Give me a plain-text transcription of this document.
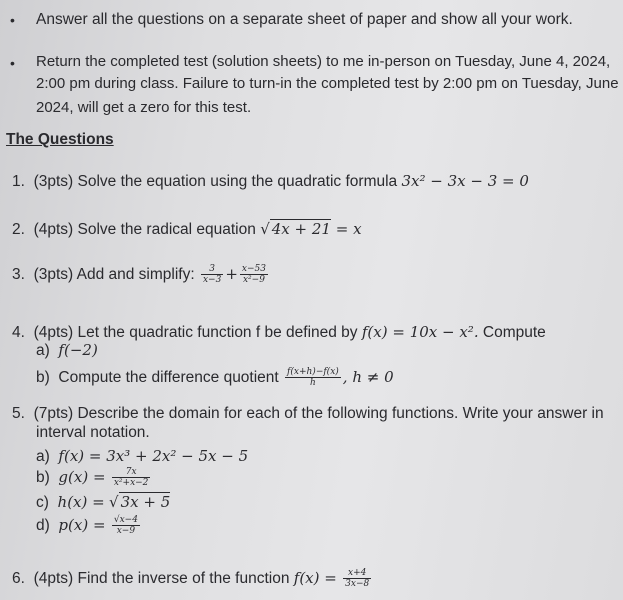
• Answer all the questions on a separate sheet of paper and show all your work.
• Return the completed test (solution sheets) to me in-person on Tuesday, June 4, 2024,
2:00 pm during class. Failure to turn-in the completed test by 2:00 pm on Tuesday, June
2024, will get a zero for this test.
The Questions
1. (3pts) Solve the equation using the quadratic formula 3x² − 3x − 3 = 0
2. (4pts) Solve the radical equation √ 4x + 21 = x
3. (3pts) Add and simplify: $\frac{3}{x-3} + \frac{x-53}{\text{x²−9}}$
4. (4pts) Let the quadratic function f be defined by f(x) = 10x − x². Compute
a) f(−2)
b) Compute the difference quotient $\frac{f(x+h)-f(x)}{h}$ , h ≠ 0
5. (7pts) Describe the domain for each of the following functions. Write your answer in
interval notation.
a) f(x) = 3x³ + 2x² − 5x − 5
b) $g(x) = \frac{7x}{\text{x²+x−2}}$
c) h(x) = √ 3x + 5
d) $p(x) = \frac{√x-4}{x-9}$
6. (4pts) Find the inverse of the function $f(x) = \frac{x+4}{3x-8}$
